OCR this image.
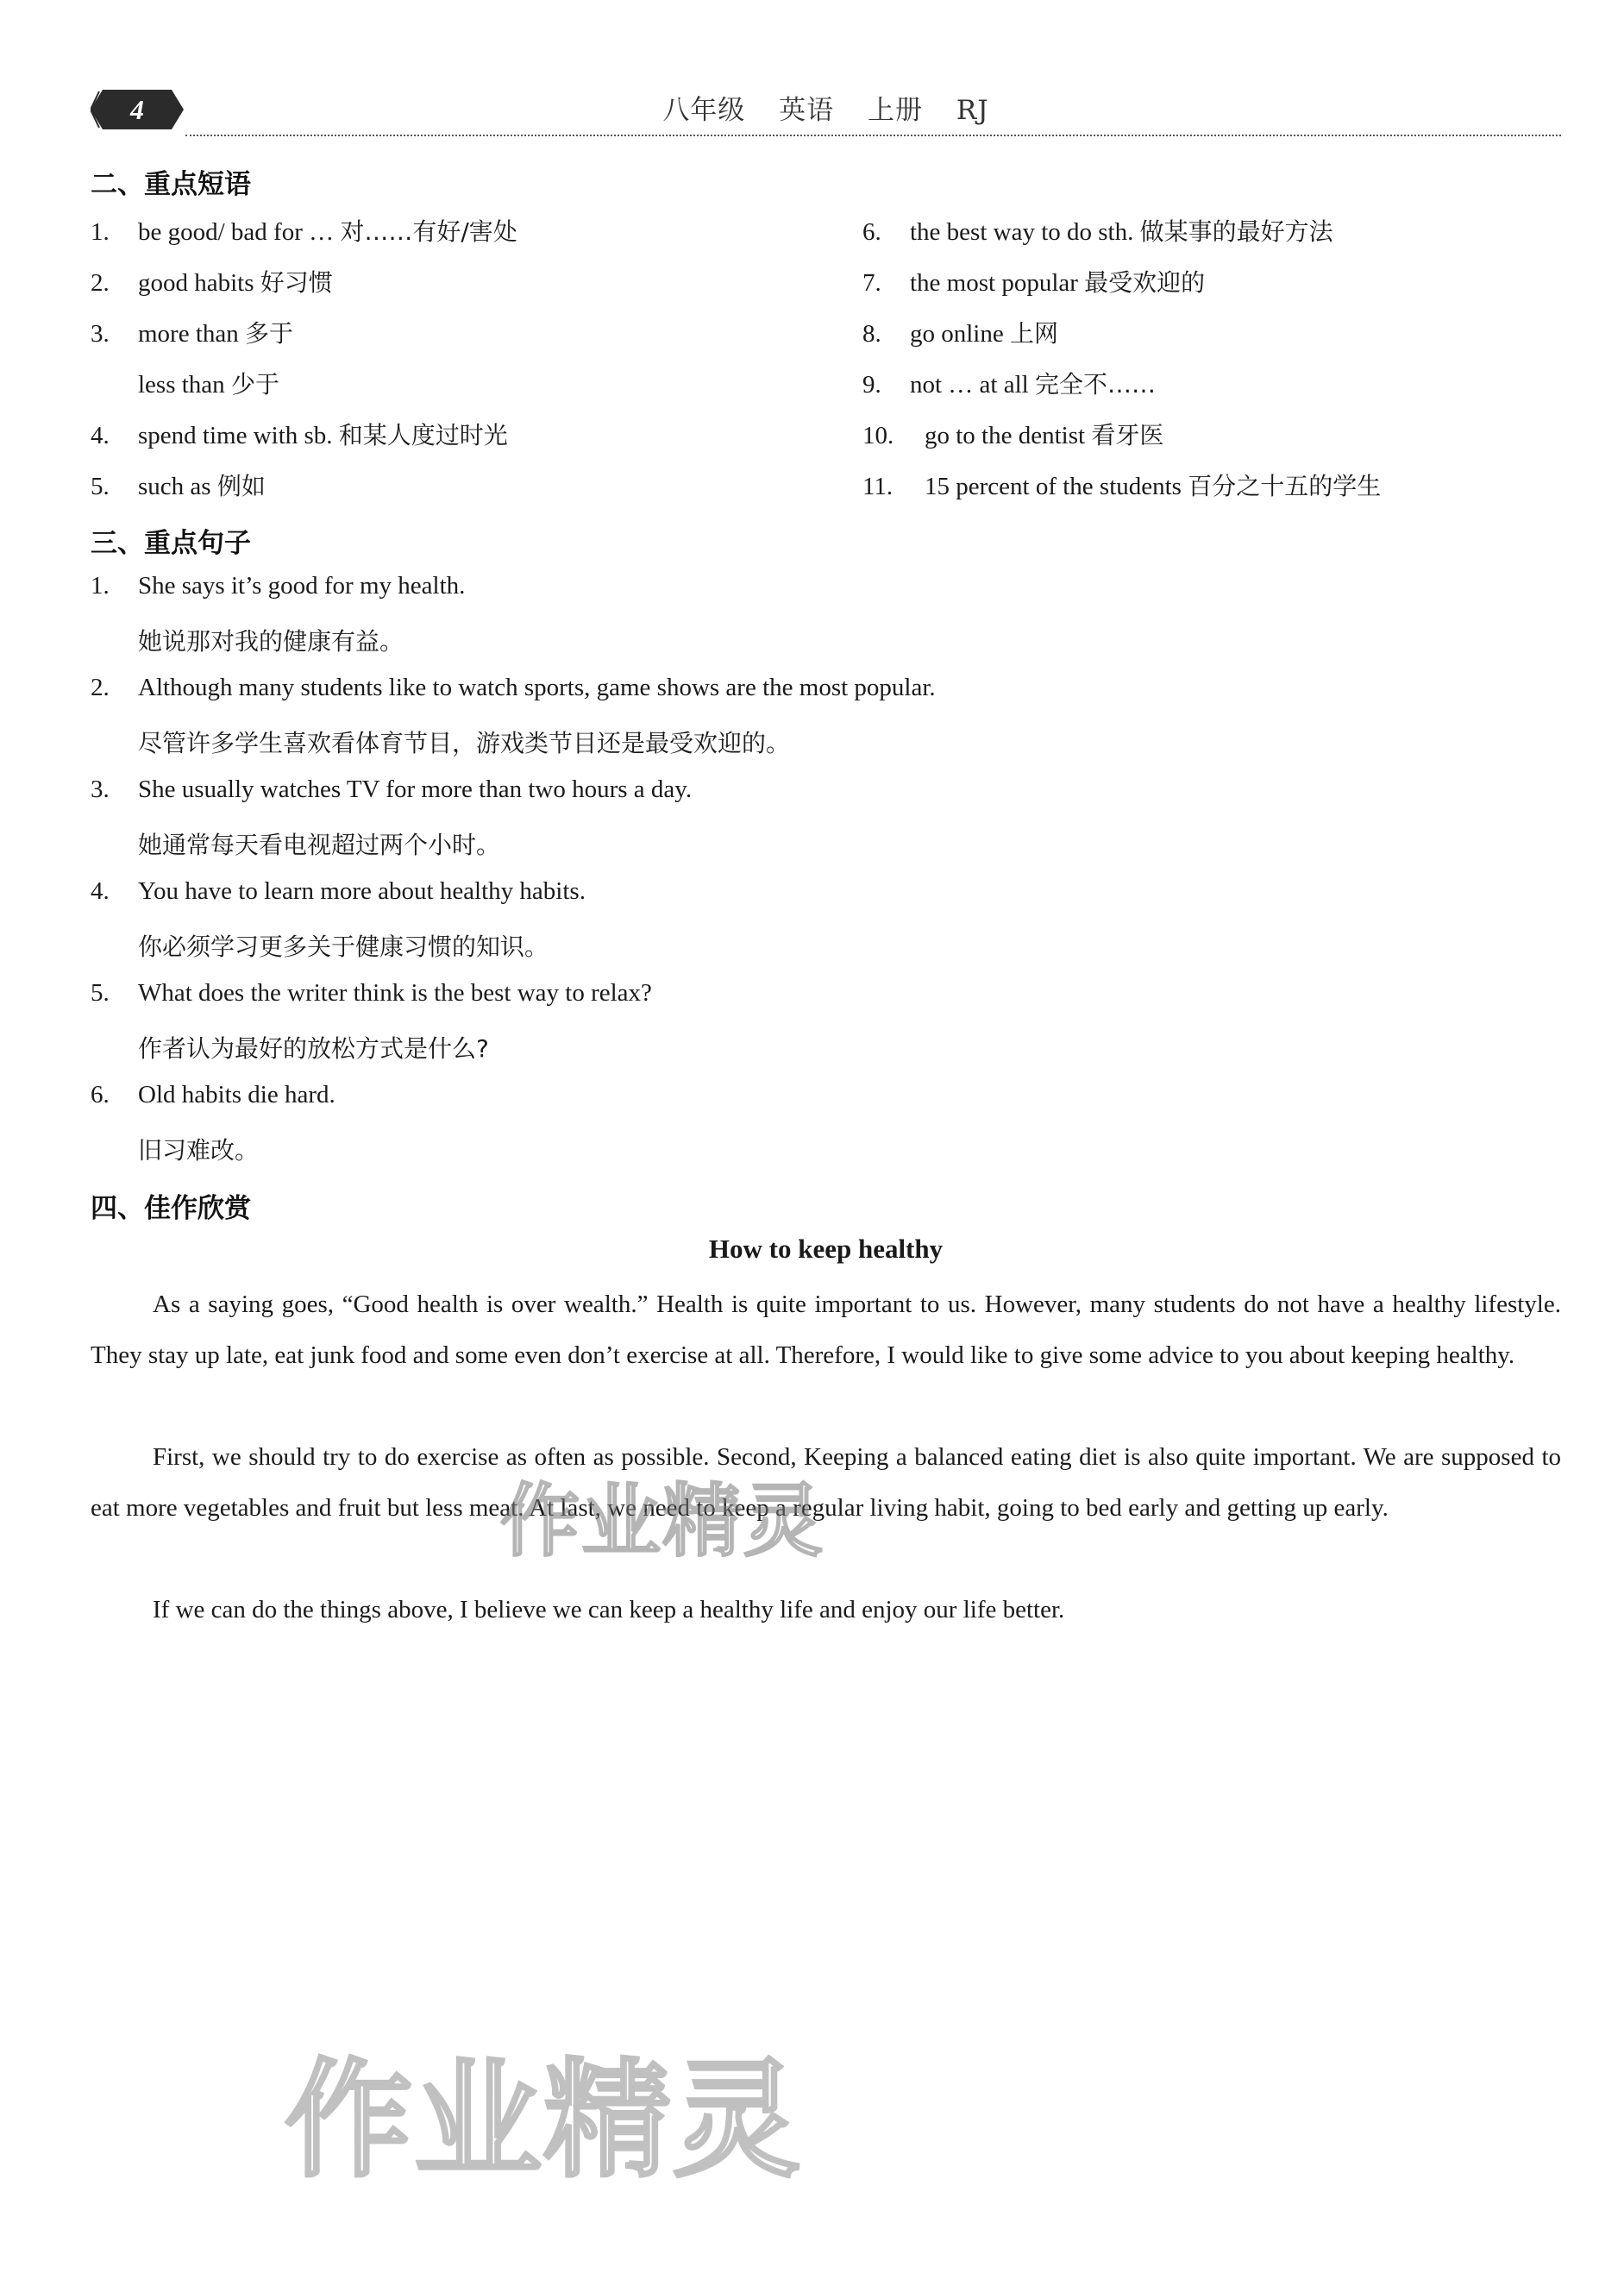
4	八年级 英语 上册 RJ
二、重点短语
1. be good/ bad for … 对……有好/害处
2. good habits 好习惯
3. more than 多于
less than 少于
4. spend time with sb. 和某人度过时光
5. such as 例如
6. the best way to do sth. 做某事的最好方法
7. the most popular 最受欢迎的
8. go online 上网
9. not … at all 完全不……
10. go to the dentist 看牙医
11. 15 percent of the students 百分之十五的学生
三、重点句子
1. She says it’s good for my health.
她说那对我的健康有益。
2. Although many students like to watch sports, game shows are the most popular.
尽管许多学生喜欢看体育节目，游戏类节目还是最受欢迎的。
3. She usually watches TV for more than two hours a day.
她通常每天看电视超过两个小时。
4. You have to learn more about healthy habits.
你必须学习更多关于健康习惯的知识。
5. What does the writer think is the best way to relax?
作者认为最好的放松方式是什么?
6. Old habits die hard.
旧习难改。
四、佳作欣赏
How to keep healthy
As a saying goes, “Good health is over wealth.” Health is quite important to us. However, many students do not have a healthy lifestyle. They stay up late, eat junk food and some even don’t exercise at all. Therefore, I would like to give some advice to you about keeping healthy.
First, we should try to do exercise as often as possible. Second, Keeping a balanced eating diet is also quite important. We are supposed to eat more vegetables and fruit but less meat. At last, we need to keep a regular living habit, going to bed early and getting up early.
If we can do the things above, I believe we can keep a healthy life and enjoy our life better.
作业精灵
作业精灵
